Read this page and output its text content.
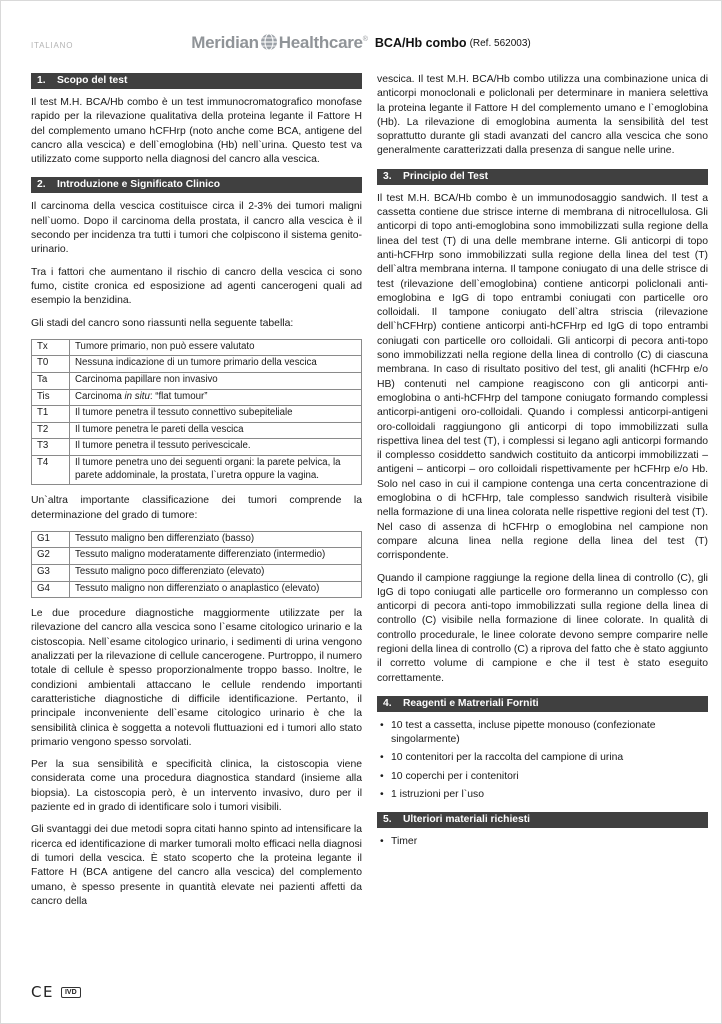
ITALIANO	Meridian Healthcare® BCA/Hb combo (Ref. 562003)
1.	Scopo del test

Il test M.H. BCA/Hb combo è un test immunocromatografico monofase rapido per la rilevazione qualitativa della proteina legante il Fattore H del complemento umano hCFHrp (noto anche come BCA, antigene del cancro alla vescica) e dell`emoglobina (Hb) nell`urina. Questo test va utilizzato come supporto nella diagnosi del cancro alla vescica.

2.	Introduzione e Significato Clinico

Il carcinoma della vescica costituisce circa il 2-3% dei tumori maligni nell`uomo. Dopo il carcinoma della prostata, il cancro alla vescica è il secondo per incidenza tra tutti i tumori che colpiscono il sistema genito-urinario.

Tra i fattori che aumentano il rischio di cancro della vescica ci sono fumo, cistite cronica ed esposizione ad agenti cancerogeni quali ad esempio la benzidina.

Gli stadi del cancro sono riassunti nella seguente tabella:

Tx	Tumore primario, non può essere valutato
T0	Nessuna indicazione di un tumore primario della vescica
Ta	Carcinoma papillare non invasivo
Tis	Carcinoma in situ: “flat tumour”
T1	Il tumore penetra il tessuto connettivo subepiteliale
T2	Il tumore penetra le pareti della vescica
T3	Il tumore penetra il tessuto perivescicale.
T4	Il tumore penetra uno dei seguenti organi: la parete pelvica, la parete addominale, la prostata, l`uretra oppure la vagina.

Un`altra importante classificazione dei tumori comprende la determinazione del grado di tumore:

G1	Tessuto maligno ben differenziato (basso)
G2	Tessuto maligno moderatamente differenziato (intermedio)
G3	Tessuto maligno poco differenziato (elevato)
G4	Tessuto maligno non differenziato o anaplastico (elevato)

Le due procedure diagnostiche maggiormente utilizzate per la rilevazione del cancro alla vescica sono l`esame citologico urinario e la cistoscopia. Nell`esame citologico urinario, i sedimenti di urina vengono analizzati per la rilevazione di cellule cancerogene. Purtroppo, il numero totale di cellule è spesso proporzionalmente troppo basso. Inoltre, le condizioni ambientali attaccano le cellule rendendo importanti caratteristiche diagnostiche di difficile identificazione. Pertanto, il principale inconveniente dell`esame citologico urinario è che la sensibilità clinica è soggetta a notevoli fluttuazioni ed i tumori allo stato primario vengono spesso sorvolati.

Per la sua sensibilità e specificità clinica, la cistoscopia viene considerata come una procedura diagnostica standard (insieme alla biopsia). La cistoscopia però, è un intervento invasivo, duro per il paziente ed in grado di identificare solo i tumori visibili.

Gli svantaggi dei due metodi sopra citati hanno spinto ad intensificare la ricerca ed identificazione di marker tumorali molto efficaci nella diagnosi di tumori della vescica. È stato scoperto che la proteina legante il Fattore H (BCA antigene del cancro alla vescica) del complemento umano, è spesso presente in quantità elevate nei pazienti affetti da cancro della

vescica. Il test M.H. BCA/Hb combo utilizza una combinazione unica di anticorpi monoclonali e policlonali per determinare in maniera selettiva la proteina legante il Fattore H del complemento umano e l`emoglobina (Hb). La rilevazione di emoglobina aumenta la sensibilità del test soprattutto durante gli stadi avanzati del cancro alla vescica che sono generalmente caratterizzati dalla presenza di sangue nelle urine.

3.	Principio del Test

Il test M.H. BCA/Hb combo è un immunodosaggio sandwich. Il test a cassetta contiene due strisce interne di membrana di nitrocellulosa. Gli anticorpi di topo anti-emoglobina sono immobilizzati sulla regione della linea del test (T) di una delle membrane interne. Gli anticorpi di topo anti-hCFHrp sono immobilizzati sulla regione della linea del test (T) dell`altra membrana interna. Il tampone coniugato di una delle strisce di test (rilevazione dell`emoglobina) contiene anticorpi policlonali anti- emoglobina e IgG di topo entrambi coniugati con particelle oro colloidali. Il tampone coniugato dell`altra striscia (rilevazione dell`hCFHrp) contiene anticorpi anti-hCFHrp ed IgG di topo entrambi coniugati con particelle oro colloidali. Gli anticorpi di pecora anti-topo sono immobilizzati nella regione della linea di controllo (C) di ciascuna membrana. In caso di risultato positivo del test, gli analiti (hCFHrp e/o HB) contenuti nel campione reagiscono con gli anticorpi anti-emoglobina o anti-hCFHrp del tampone coniugato formando complessi anticorpi-antigeni oro-colloidali. Quando i complessi anticorpi-antigeni oro-colloidali raggiungono gli anticorpi di topo immobilizzati sulla rispettiva linea del test (T), i complessi si legano agli anticorpi formando il complesso cosiddetto sandwich costituito da anticorpi immobilizzati – antigeni – anticorpi – oro colloidali rispettivamente per hCFHrp e/o Hb. Solo nel caso in cui il campione contenga una certa concentrazione di emoglobina o di hCFHrp, tale complesso sandwich risulterà visibile nella formazione di una linea colorata nelle rispettive regioni del test (T). Nel caso di assenza di hCFHrp o emoglobina nel campione non compare alcuna linea nella regione della linea del test (T) corrispondente.

Quando il campione raggiunge la regione della linea di controllo (C), gli IgG di topo coniugati alle particelle oro formeranno un complesso con anticorpi di pecora anti-topo immobilizzati sulla regione della linea di controllo (C) visibile nella formazione di linee colorate. In qualità di controllo procedurale, le linee colorate devono sempre comparire nelle regioni della linea di controllo (C) a riprova del fatto che è stato aggiunto il corretto volume di campione e che il test è stato eseguito correttamente.

4.	Reagenti e Matreriali Forniti
•
10 test a cassetta, incluse pipette monouso (confezionate singolarmente)
•
10 contenitori per la raccolta del campione di urina
•
10 coperchi per i contenitori
•
1 istruzioni per l`uso
5.	Ulteriori materiali richiesti
•
Timer
CE	IVD
